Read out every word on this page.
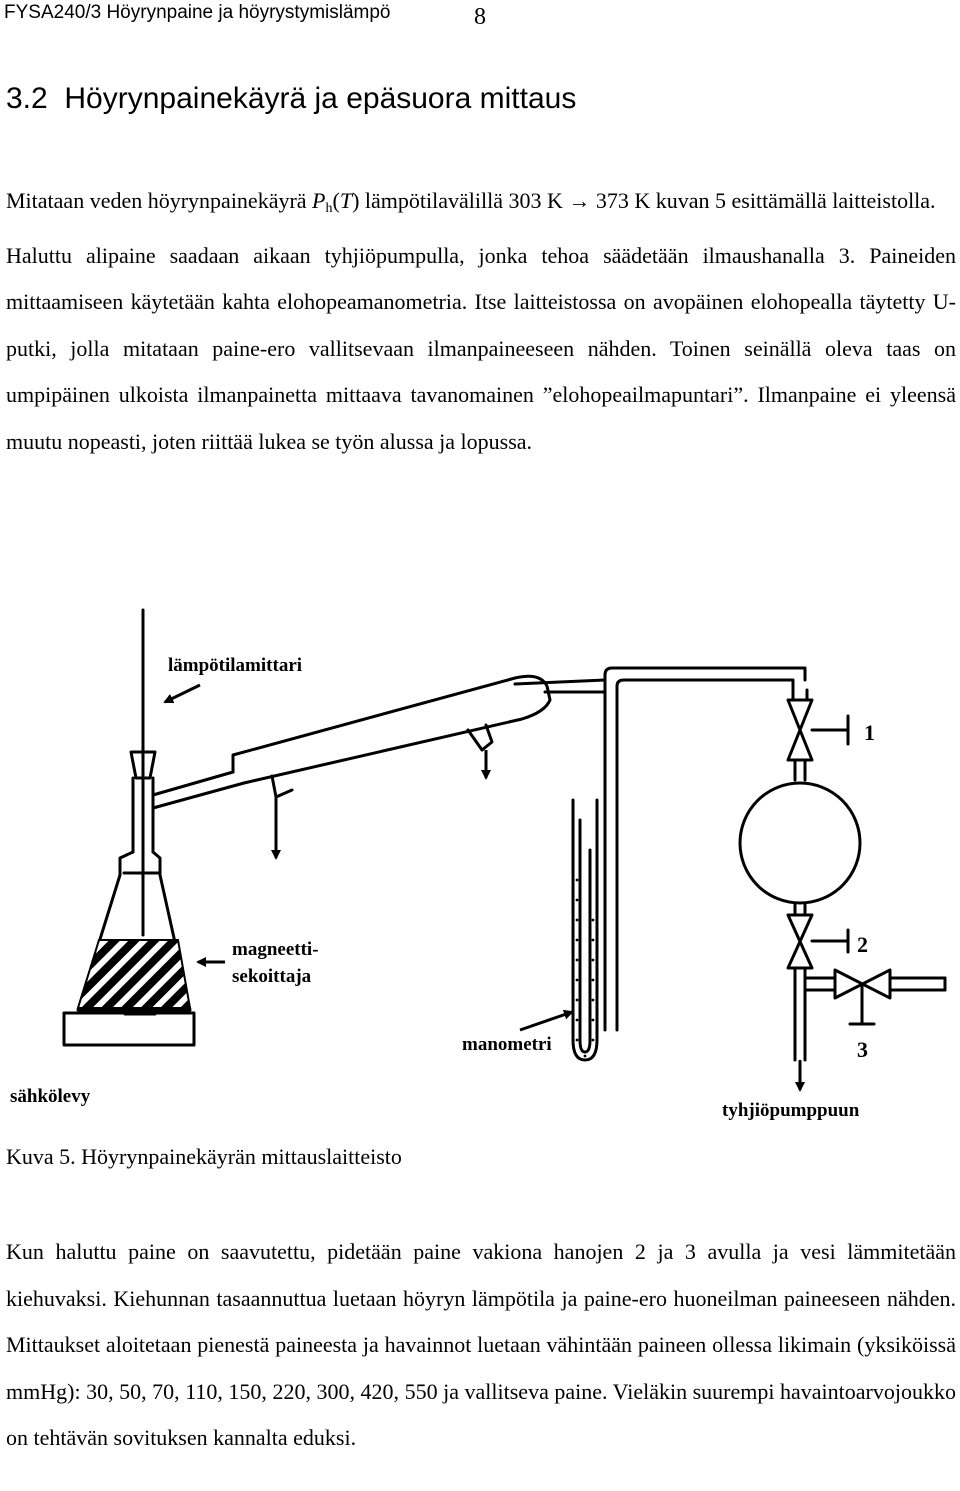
FYSA240/3 Höyrynpaine ja höyrystymislämpö	8
3.2 Höyrynpainekäyrä ja epäsuora mittaus

Mitataan veden höyrynpainekäyrä $P_h(T)$ lämpötilavälillä 303 K → 373 K kuvan 5 esittämällä laitteistolla.

Haluttu alipaine saadaan aikaan tyhjiöpumpulla, jonka tehoa säädetään ilmaushanalla 3. Paineiden mittaamiseen käytetään kahta elohopeamanometria. Itse laitteistossa on avopäinen elohopealla täytetty U-putki, jolla mitataan paine-ero vallitsevaan ilmanpaineeseen nähden. Toinen seinällä oleva taas on umpipäinen ulkoista ilmanpainetta mittaava tavanomainen ”elohopeailmapuntari”. Ilmanpaine ei yleensä muutu nopeasti, joten riittää lukea se työn alussa ja lopussa.

lämpötilamittari
magneetti-
sekoittaja
sähkölevy
manometri
tyhjiöpumppuun
1
2
3
Kuva 5. Höyrynpainekäyrän mittauslaitteisto

Kun haluttu paine on saavutettu, pidetään paine vakiona hanojen 2 ja 3 avulla ja vesi lämmitetään kiehuvaksi. Kiehunnan tasaannuttua luetaan höyryn lämpötila ja paine-ero huoneilman paineeseen nähden. Mittaukset aloitetaan pienestä paineesta ja havainnot luetaan vähintään paineen ollessa likimain (yksiköissä mmHg): 30, 50, 70, 110, 150, 220, 300, 420, 550 ja vallitseva paine. Vieläkin suurempi havaintoarvojoukko on tehtävän sovituksen kannalta eduksi.
